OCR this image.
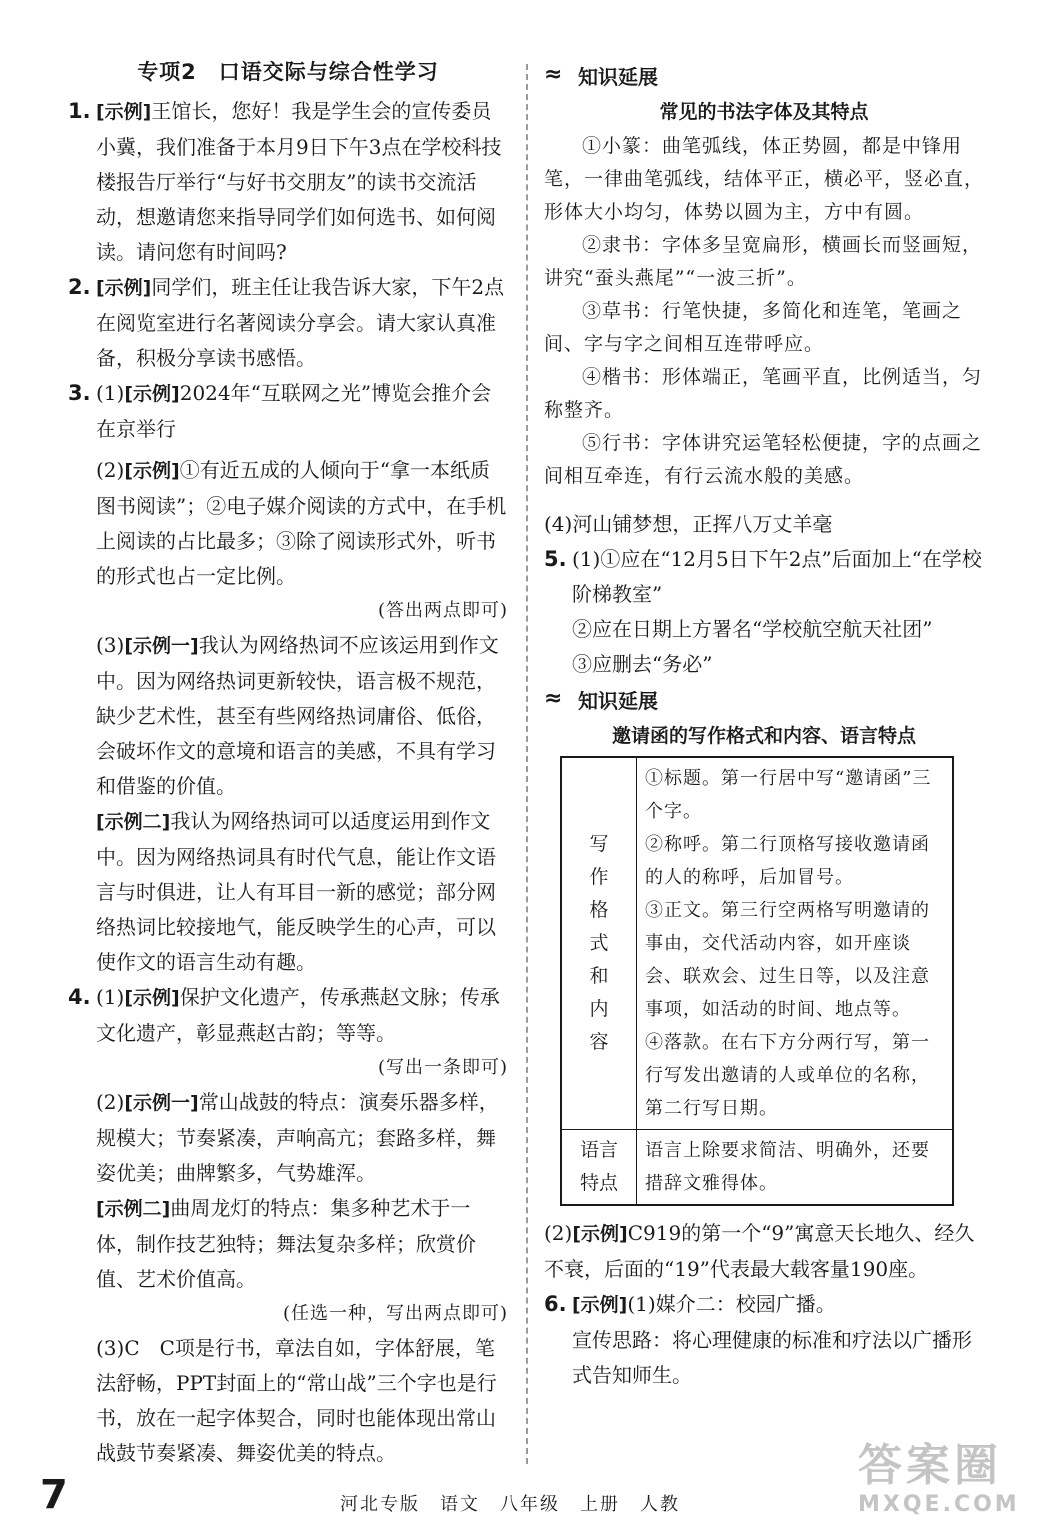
专项2　口语交际与综合性学习
1. [示例]王馆长，您好！我是学生会的宣传委员小冀，我们准备于本月9日下午3点在学校科技楼报告厅举行“与好书交朋友”的读书交流活动，想邀请您来指导同学们如何选书、如何阅读。请问您有时间吗?

2. [示例]同学们，班主任让我告诉大家，下午2点在阅览室进行名著阅读分享会。请大家认真准备，积极分享读书感悟。

3. (1)[示例]2024年“互联网之光”博览会推介会在京举行

(2)[示例]①有近五成的人倾向于“拿一本纸质图书阅读”；②电子媒介阅读的方式中，在手机上阅读的占比最多；③除了阅读形式外，听书的形式也占一定比例。

(答出两点即可)

(3)[示例一]我认为网络热词不应该运用到作文中。因为网络热词更新较快，语言极不规范，缺少艺术性，甚至有些网络热词庸俗、低俗，会破坏作文的意境和语言的美感，不具有学习和借鉴的价值。

[示例二]我认为网络热词可以适度运用到作文中。因为网络热词具有时代气息，能让作文语言与时俱进，让人有耳目一新的感觉；部分网络热词比较接地气，能反映学生的心声，可以使作文的语言生动有趣。

4. (1)[示例]保护文化遗产，传承燕赵文脉；传承文化遗产，彰显燕赵古韵；等等。

(写出一条即可)

(2)[示例一]常山战鼓的特点：演奏乐器多样，规模大；节奏紧凑，声响高亢；套路多样，舞姿优美；曲牌繁多，气势雄浑。

[示例二]曲周龙灯的特点：集多种艺术于一体，制作技艺独特；舞法复杂多样；欣赏价值、艺术价值高。

(任选一种，写出两点即可)

(3)C　C项是行书，章法自如，字体舒展，笔法舒畅，PPT封面上的“常山战”三个字也是行书，放在一起字体契合，同时也能体现出常山战鼓节奏紧凑、舞姿优美的特点。

≈ 知识延展
常见的书法字体及其特点

①小篆：曲笔弧线，体正势圆，都是中锋用笔，一律曲笔弧线，结体平正，横必平，竖必直，形体大小均匀，体势以圆为主，方中有圆。

②隶书：字体多呈宽扁形，横画长而竖画短，讲究“蚕头燕尾”“一波三折”。

③草书：行笔快捷，多简化和连笔，笔画之间、字与字之间相互连带呼应。

④楷书：形体端正，笔画平直，比例适当，匀称整齐。

⑤行书：字体讲究运笔轻松便捷，字的点画之间相互牵连，有行云流水般的美感。

(4)河山铺梦想，正挥八万丈羊毫

5. (1)①应在“12月5日下午2点”后面加上“在学校阶梯教室”

②应在日期上方署名“学校航空航天社团”

③应删去“务必”

≈ 知识延展
邀请函的写作格式和内容、语言特点
写作格式和内容	①标题。第一行居中写“邀请函”三个字。
②称呼。第二行顶格写接收邀请函的人的称呼，后加冒号。
③正文。第三行空两格写明邀请的事由，交代活动内容，如开座谈会、联欢会、过生日等，以及注意事项，如活动的时间、地点等。
④落款。在右下方分两行写，第一行写发出邀请的人或单位的名称，第二行写日期。

语言特点	语言上除要求简洁、明确外，还要措辞文雅得体。

(2)[示例]C919的第一个“9”寓意天长地久、经久不衰，后面的“19”代表最大载客量190座。

6. [示例](1)媒介二：校园广播。

宣传思路：将心理健康的标准和疗法以广播形式告知师生。

7	河北专版　语文　八年级　上册　人教
答案圈
MXQE.COM
